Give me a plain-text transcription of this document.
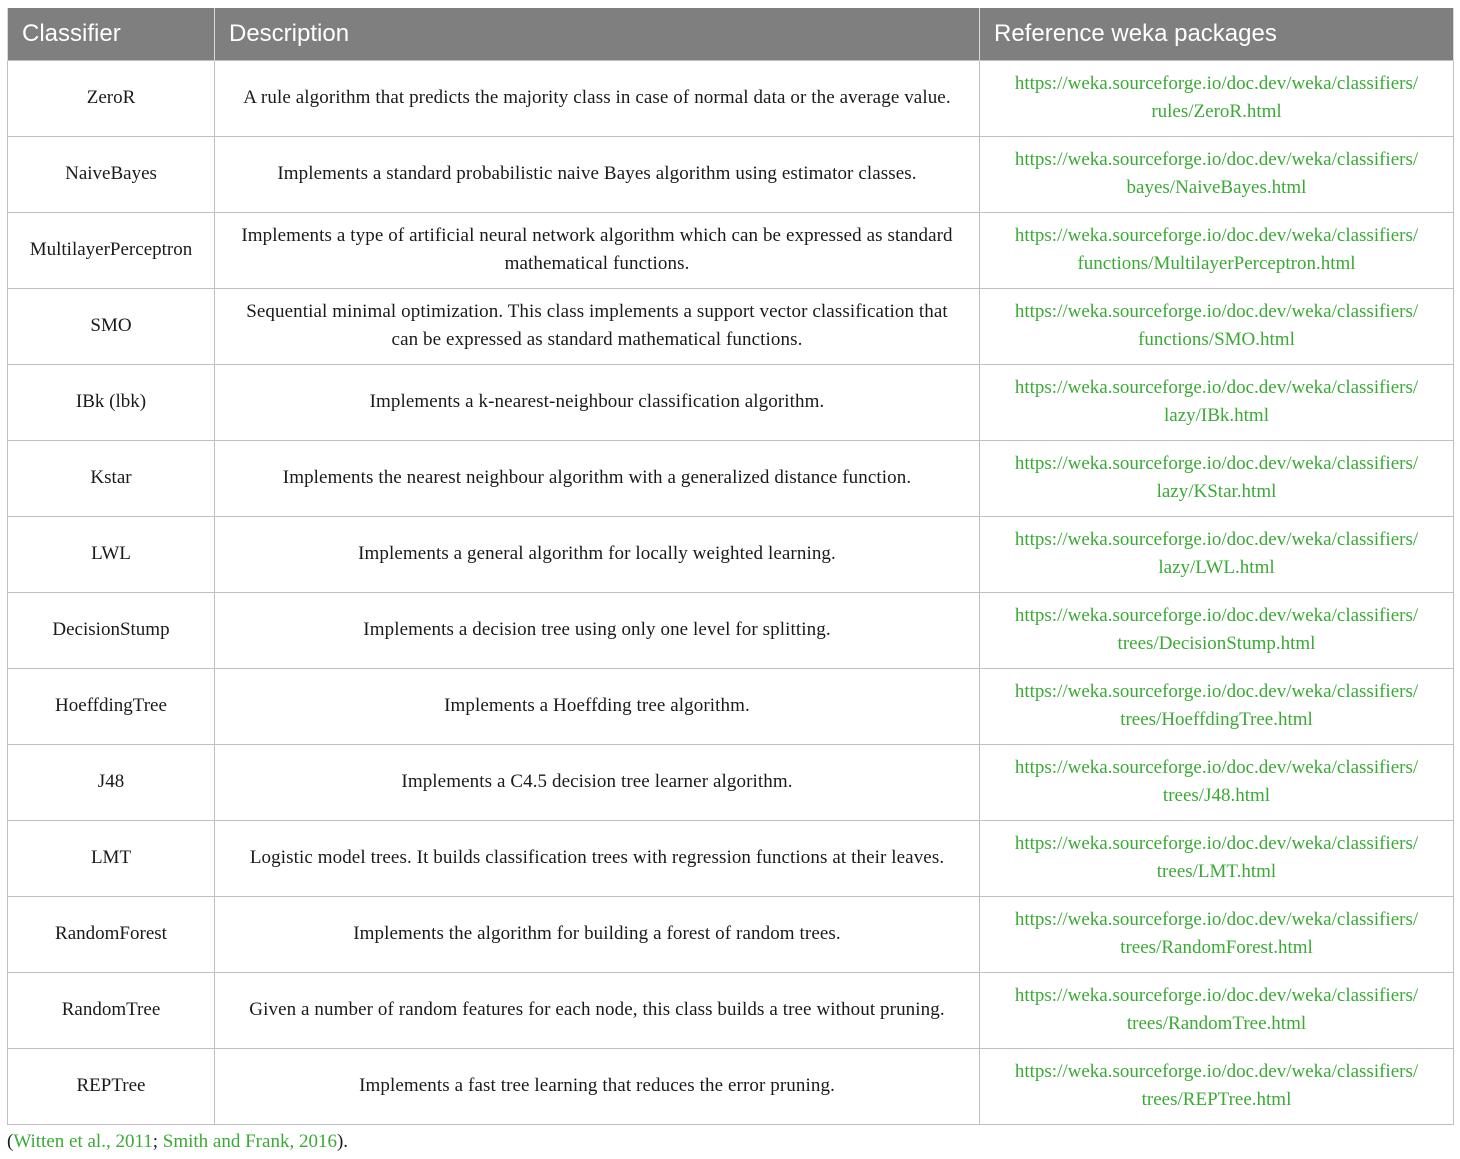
Classifier	Description	Reference weka packages
ZeroR	A rule algorithm that predicts the majority class in case of normal data or the average value.	https://weka.sourceforge.io/doc.dev/weka/classifiers/
rules/ZeroR.html

NaiveBayes	Implements a standard probabilistic naive Bayes algorithm using estimator classes.	https://weka.sourceforge.io/doc.dev/weka/classifiers/
bayes/NaiveBayes.html

MultilayerPerceptron	Implements a type of artificial neural network algorithm which can be expressed as standard mathematical functions.	https://weka.sourceforge.io/doc.dev/weka/classifiers/
functions/MultilayerPerceptron.html

SMO	Sequential minimal optimization. This class implements a support vector classification that can be expressed as standard mathematical functions.	https://weka.sourceforge.io/doc.dev/weka/classifiers/
functions/SMO.html

IBk (lbk)	Implements a k-nearest-neighbour classification algorithm.	https://weka.sourceforge.io/doc.dev/weka/classifiers/
lazy/IBk.html

Kstar	Implements the nearest neighbour algorithm with a generalized distance function.	https://weka.sourceforge.io/doc.dev/weka/classifiers/
lazy/KStar.html

LWL	Implements a general algorithm for locally weighted learning.	https://weka.sourceforge.io/doc.dev/weka/classifiers/
lazy/LWL.html

DecisionStump	Implements a decision tree using only one level for splitting.	https://weka.sourceforge.io/doc.dev/weka/classifiers/
trees/DecisionStump.html

HoeffdingTree	Implements a Hoeffding tree algorithm.	https://weka.sourceforge.io/doc.dev/weka/classifiers/
trees/HoeffdingTree.html

J48	Implements a C4.5 decision tree learner algorithm.	https://weka.sourceforge.io/doc.dev/weka/classifiers/
trees/J48.html

LMT	Logistic model trees. It builds classification trees with regression functions at their leaves.	https://weka.sourceforge.io/doc.dev/weka/classifiers/
trees/LMT.html

RandomForest	Implements the algorithm for building a forest of random trees.	https://weka.sourceforge.io/doc.dev/weka/classifiers/
trees/RandomForest.html

RandomTree	Given a number of random features for each node, this class builds a tree without pruning.	https://weka.sourceforge.io/doc.dev/weka/classifiers/
trees/RandomTree.html

REPTree	Implements a fast tree learning that reduces the error pruning.	https://weka.sourceforge.io/doc.dev/weka/classifiers/
trees/REPTree.html
(Witten et al., 2011; Smith and Frank, 2016).
